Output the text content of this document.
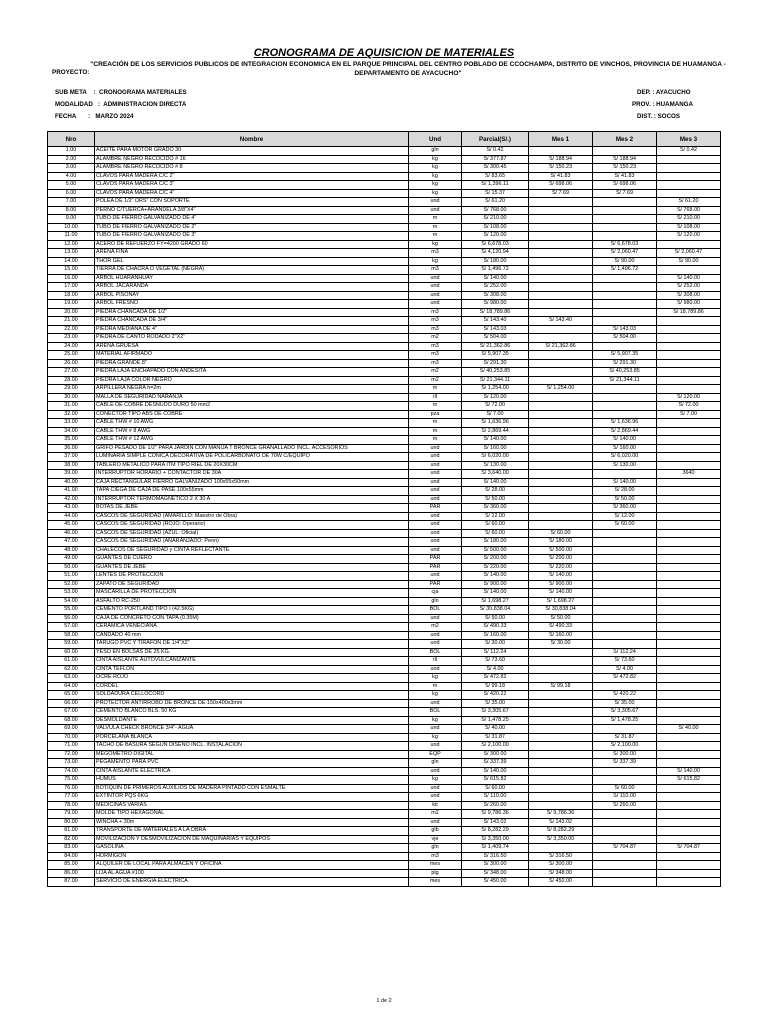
CRONOGRAMA DE AQUISICION DE MATERIALES
PROYECTO:
"CREACIÓN DE LOS SERVICIOS PUBLICOS DE INTEGRACION ECONOMICA EN EL PARQUE PRINCIPAL DEL CENTRO POBLADO DE CCOCHAMPA, DISTRITO DE VINCHOS, PROVINCIA DE HUAMANGA - DEPARTAMENTO DE AYACUCHO"
SUB META    :  CRONOGRAMA MATERIALES
MODALIDAD   :  ADMINISTRACION DIRECTA
FECHA       :   MARZO 2024
DEP. : AYACUCHO
PROV. : HUAMANGA
DIST. : SOCOS
Nro	Nombre	Und	Parcial(S/.)	Mes 1	Mes 2	Mes 3
1.00	ACEITE PARA MOTOR GRADO 30	gln	S/ 0.42			S/ 0.42
2.00	ALAMBRE NEGRO RECOCIDO # 16	kg	S/ 377.87	S/ 188.94	S/ 188.94	
3.00	ALAMBRE NEGRO RECOCIDO # 8	kg	S/ 300.45	S/ 150.23	S/ 150.23	
4.00	CLAVOS PARA MADERA C/C 2"	kg	S/ 83.65	S/ 41.83	S/ 41.83	
5.00	CLAVOS PARA MADERA C/C 3"	kg	S/ 1,396.11	S/ 698.06	S/ 698.06	
6.00	CLAVOS PARA MADERA C/C 4"	kg	S/ 15.37	S/ 7.69	S/ 7.69	
7.00	POLEA DE 1/2" DRS" CON SOPORTE	und	S/ 61.20			S/ 61.20
8.00	PERNO C/TUERCA+ARANDELA 3/8"X4"	und	S/ 768.00			S/ 768.00
9.00	TUBO DE FIERRO GALVANIZADO DE 4"	m	S/ 210.00			S/ 210.00
10.00	TUBO DE FIERRO GALVANIZADO DE 2"	m	S/ 108.00			S/ 108.00
11.00	TUBO DE FIERRO GALVANIZADO DE 3"	m	S/ 120.00			S/ 120.00
12.00	ACERO DE REFUERZO FY=4200 GRADO 60	kg	S/ 6,678.03		S/ 6,678.03	
13.00	ARENA FINA	m3	S/ 4,120.94		S/ 2,060.47	S/ 2,060.47
14.00	THOR GEL	kg	S/ 180.00		S/ 90.00	S/ 90.00
15.00	TIERRA DE CHACRA O VEGETAL (NEGRA)	m3	S/ 1,496.72		S/ 1,496.72	
16.00	ARBOL HUARANHUAY	und	S/ 140.00			S/ 140.00
17.00	ARBOL JACARANDA	und	S/ 252.00			S/ 252.00
18.00	ARBOL PISONAY	und	S/ 308.00			S/ 308.00
19.00	ARBOL FRESNO	und	S/ 980.00			S/ 980.00
20.00	PIEDRA CHANCADA DE 1/2"	m3	S/ 18,789.86			S/ 18,789.86
21.00	PIEDRA CHANCADA DE 3/4"	m3	S/ 143.40	S/ 143.40		
22.00	PIEDRA MEDIANA DE 4"	m3	S/ 143.03		S/ 143.03	
23.00	PIEDRA DE CANTO RODADO 2"X2"	m2	S/ 504.00		S/ 504.00	
24.00	ARENA GRUESA	m3	S/ 21,362.86	S/ 21,362.86		
25.00	MATERIAL AFIRMADO	m3	S/ 5,907.35		S/ 5,907.35	
26.00	PIEDRA GRANDE 8"	m3	S/ 291.30		S/ 291.30	
27.00	PIEDRA LAJA ENCHAPADO CON ANDESITA	m2	S/ 40,253.85		S/ 40,253.85	
28.00	PIEDRA LAJA COLOR NEGRO	m2	S/ 21,344.11		S/ 21,344.11	
29.00	ARPILLERA NEGRA h=2m	m	S/ 1,254.00	S/ 1,254.00		
30.00	MALLA DE SEGURIDAD NARANJA	rll	S/ 120.00			S/ 120.00
31.00	CABLE DE COBRE DESNUDO DURO 50 mm2	m	S/ 72.00			S/ 72.00
32.00	CONECTOR TIPO ABS DE COBRE	pza	S/ 7.00			S/ 7.00
33.00	CABLE THW # 10 AWG	m	S/ 1,636.96		S/ 1,636.96	
34.00	CABLE THW # 8 AWG	m	S/ 2,869.44		S/ 2,869.44	
35.00	CABLE THW # 12 AWG	m	S/ 140.00		S/ 140.00	
36.00	GRIFO PESADO DE 1/2" PARA JARDIN CON MANIJA T BRONCE GRANALLADO INCL. ACCESORIOS	und	S/ 160.00		S/ 160.00	
37.00	LUMINARIA SIMPLE CONICA DECORATIVA DE POLICARBONATO DE 70W C/EQUIPO	und	S/ 6,020.00		S/ 6,020.00	
38.00	TABLERO METALICO PARA ITM TIPO RIEL DE 20X30CM	und	S/ 130.00		S/ 130.00	
39.00	INTERRUPTOR HORARIO + CONTACTOR DE 30A	und	S/ 3,640.00			3640
40.00	CAJA RECTANGULAR FIERRO GALVANIZADO 100x55x50mm	und	S/ 140.00		S/ 140.00	
41.00	TAPA CIEGA DE CAJA DE PASE 100x55mm	und	S/ 28.00		S/ 28.00	
42.00	INTERRUPTOR TERMOMAGNETICO 2 X 30 A	und	S/ 50.00		S/ 50.00	
43.00	BOTAS DE JEBE	PAR	S/ 360.00		S/ 360.00	
44.00	CASCOS DE SEGURIDAD (AMARILLO: Maestro de Obra)	und	S/ 12.00		S/ 12.00	
45.00	CASCOS DE SEGURIDAD (ROJO: Operario)	und	S/ 60.00		S/ 60.00	
46.00	CASCOS DE SEGURIDAD (AZUL: Oficial)	und	S/ 60.00	S/ 60.00		
47.00	CASCOS DE SEGURIDAD (ANARANJADO: Peon)	und	S/ 180.00	S/ 180.00		
48.00	CHALECOS DE SEGURIDAD y CINTA REFLECTANTE	und	S/ 500.00	S/ 500.00		
49.00	GUANTES DE CUERO	PAR	S/ 200.00	S/ 200.00		
50.00	GUANTES DE JEBE	PAR	S/ 220.00	S/ 220.00		
51.00	LENTES DE PROTECCION	und	S/ 140.00	S/ 140.00		
52.00	ZAPATO DE SEGURIDAD	PAR	S/ 900.00	S/ 900.00		
53.00	MASCARILLA DE PROTECCION	cja	S/ 140.00	S/ 140.00		
54.00	ASFALTO RC-250	gln	S/ 1,698.27	S/ 1,698.27		
55.00	CEMENTO PORTLAND TIPO I (42.5KG)	BOL	S/ 30,838.04	S/ 30,838.04		
56.00	CAJA DE CONCRETO CON TAPA (0.35M)	und	S/ 50.00	S/ 50.00		
57.00	CERAMICA VENECIANA	m2	S/ 490.33	S/ 490.33		
58.00	CANDADO 40 mm	und	S/ 160.00	S/ 160.00		
59.00	TARUGO PVC Y TIRAFON DE 1/4"X2"	und	S/ 30.00	S/ 30.00		
60.00	YESO EN BOLSAS DE 25 KG.	BOL	S/ 112.24		S/ 112.24	
61.00	CINTA AISLANTE AUTOVULCANIZANTE	rll	S/ 73.60		S/ 73.60	
62.00	CINTA TEFLON	und	S/ 4.00		S/ 4.00	
63.00	OCRE ROJO	kg	S/ 472.82		S/ 472.82	
64.00	CORDEL	m	S/ 99.18	S/ 99.18		
65.00	SOLDADURA CELLOCORD	kg	S/ 420.22		S/ 420.22	
66.00	PROTECTOR ANTIRROBO DE BRONCE DE 150x400x3mm	und	S/ 35.00		S/ 35.00	
67.00	CEMENTO BLANCO BLS. 50 KG	BOL	S/ 3,305.67		S/ 3,305.67	
68.00	DESMOLDANTE	kg	S/ 1,478.25		S/ 1,478.25	
69.00	VALVULA CHECK BRONCE 3/4"- AGUA	und	S/ 40.00			S/ 40.00
70.00	PORCELANA BLANCA	kg	S/ 31.87		S/ 31.87	
71.00	TACHO DE BASURA SEGUN DISEÑO INCL. INSTALACION	und	S/ 2,100.00		S/ 2,100.00	
72.00	MEGOMETRO DIGITAL	EQP	S/ 300.00		S/ 300.00	
73.00	PEGAMENTO PARA PVC	gln	S/ 337.39		S/ 337.39	
74.00	CINTA AISLANTE ELECTRICA	und	S/ 140.00			S/ 140.00
75.00	HUMUS	kg	S/ 615.82			S/ 615.82
76.00	BOTIQUIN DE PRIMEROS AUXILIOS DE MADERA PINTADO CON ESMALTE	und	S/ 60.00		S/ 60.00	
77.00	EXTINTOR PQS 6KG	und	S/ 110.00		S/ 110.00	
78.00	MEDICINAS VARIAS	kit	S/ 260.00		S/ 260.00	
79.00	MOLDE TIPO HEXAGONAL	m2	S/ 9,786.36	S/ 9,786.36		
80.00	WINCHA + 30m	und	S/ 143.02	S/ 143.02		
81.00	TRANSPORTE DE MATERIALES A LA OBRA	glb	S/ 8,282.29	S/ 8,282.29		
82.00	MOVILIZACION Y DESMOVILIZACION DE MAQUINARIAS Y EQUIPOS	vje	S/ 3,350.00	S/ 3,350.00		
83.00	GASOLINA	gln	S/ 1,409.74		S/ 704.87	S/ 704.87
84.00	HORMIGON	m3	S/ 316.50	S/ 316.50		
85.00	ALQUILER DE LOCAL PARA ALMACEN Y OFICINA	mes	S/ 300.00	S/ 300.00		
86.00	LIJA AL AGUA #100	plg	S/ 348.00	S/ 348.00		
87.00	SERVICIO DE ENERGIA ELECTRICA	mes	S/ 450.00	S/ 450.00		
1 de 2
